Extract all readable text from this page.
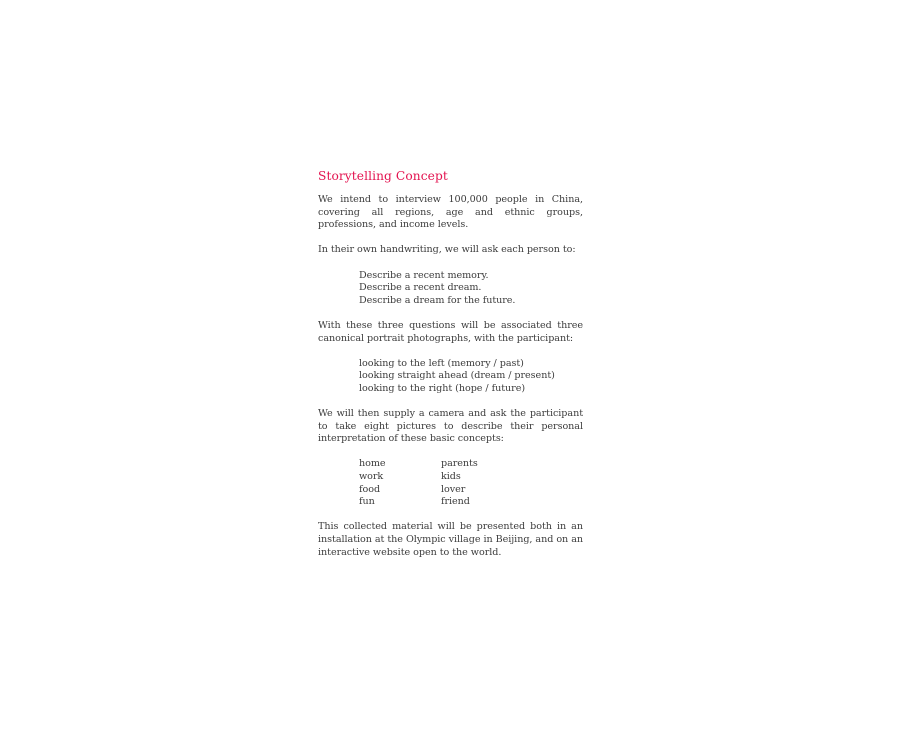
Storytelling Concept

We intend to interview 100,000 people in China, covering all regions, age and ethnic groups, professions, and income levels.

In their own handwriting, we will ask each person to:

Describe a recent memory.
Describe a recent dream.
Describe a dream for the future.

With these three questions will be associated three canonical portrait photographs, with the participant:

looking to the left (memory / past)
looking straight ahead (dream / present)
looking to the right (hope / future)

We will then supply a camera and ask the participant to take eight pictures to describe their personal interpretation of these basic concepts:

home	parents
work	kids
food	lover
fun	friend

This collected material will be presented both in an installation at the Olympic village in Beijing, and on an interactive website open to the world.
